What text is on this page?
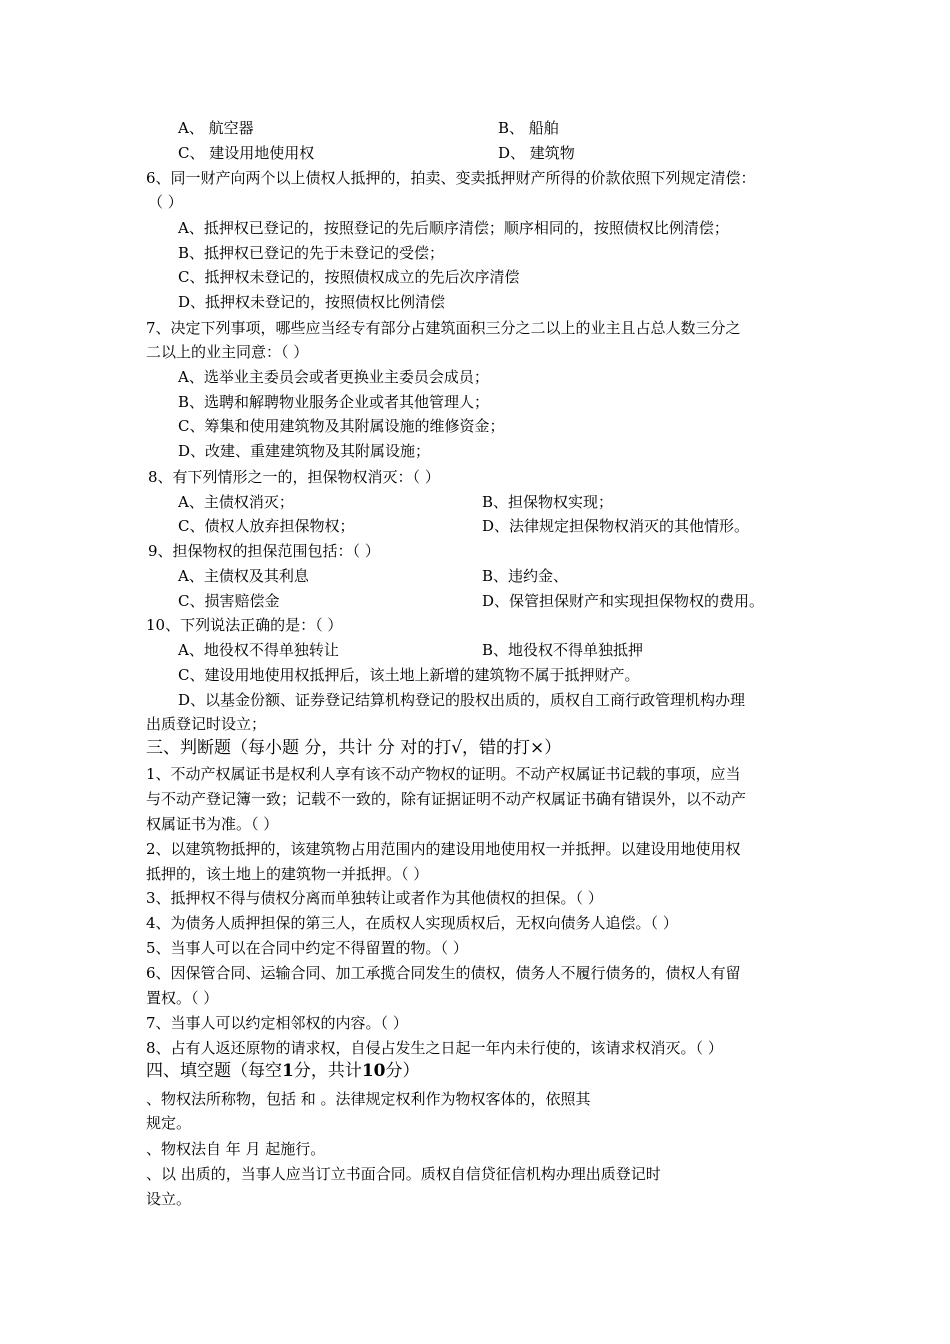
A、 航空器	B、 船舶
C、 建设用地使用权	D、 建筑物
6、同一财产向两个以上债权人抵押的，拍卖、变卖抵押财产所得的价款依照下列规定清偿：
（ ）
A、抵押权已登记的，按照登记的先后顺序清偿；顺序相同的，按照债权比例清偿；
B、抵押权已登记的先于未登记的受偿；
C、抵押权未登记的，按照债权成立的先后次序清偿
D、抵押权未登记的，按照债权比例清偿
7、决定下列事项，哪些应当经专有部分占建筑面积三分之二以上的业主且占总人数三分之
二以上的业主同意：（ ）
A、选举业主委员会或者更换业主委员会成员；
B、选聘和解聘物业服务企业或者其他管理人；
C、筹集和使用建筑物及其附属设施的维修资金；
D、改建、重建建筑物及其附属设施；
8、有下列情形之一的，担保物权消灭：（ ）
A、主债权消灭；	B、担保物权实现；
C、债权人放弃担保物权；	D、法律规定担保物权消灭的其他情形。
9、担保物权的担保范围包括：（ ）
A、主债权及其利息	B、违约金、
C、损害赔偿金	D、保管担保财产和实现担保物权的费用。
10、下列说法正确的是：（ ）
A、地役权不得单独转让	B、地役权不得单独抵押
C、建设用地使用权抵押后，该土地上新增的建筑物不属于抵押财产。
D、以基金份额、证券登记结算机构登记的股权出质的，质权自工商行政管理机构办理
出质登记时设立；
三、判断题（每小题 分，共计 分 对的打√，错的打×）
1、不动产权属证书是权利人享有该不动产物权的证明。不动产权属证书记载的事项，应当
与不动产登记簿一致；记载不一致的，除有证据证明不动产权属证书确有错误外，以不动产
权属证书为准。（ ）
2、以建筑物抵押的，该建筑物占用范围内的建设用地使用权一并抵押。以建设用地使用权
抵押的，该土地上的建筑物一并抵押。（ ）
3、抵押权不得与债权分离而单独转让或者作为其他债权的担保。（ ）
4、为债务人质押担保的第三人，在质权人实现质权后，无权向债务人追偿。（ ）
5、当事人可以在合同中约定不得留置的物。（ ）
6、因保管合同、运输合同、加工承揽合同发生的债权，债务人不履行债务的，债权人有留
置权。（ ）
7、当事人可以约定相邻权的内容。（ ）
8、占有人返还原物的请求权，自侵占发生之日起一年内未行使的，该请求权消灭。（ ）
四、填空题（每空1分，共计10分）
、物权法所称物，包括 和 。法律规定权利作为物权客体的，依照其
规定。
、物权法自 年 月 起施行。
、以 出质的，当事人应当订立书面合同。质权自信贷征信机构办理出质登记时
设立。
